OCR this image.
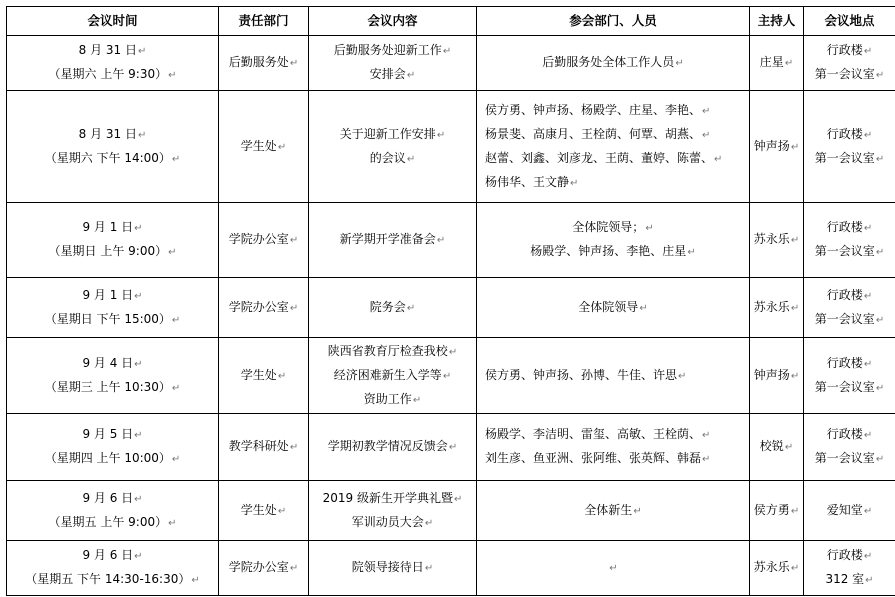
会议时间	责任部门	会议内容	参会部门、人员	主持人	会议地点

8 月 31 日↵
（星期六 上午 9:30）↵	后勤服务处↵	后勤服务处迎新工作↵
安排会↵	后勤服务处全体工作人员↵	庄星↵	行政楼↵
第一会议室↵

8 月 31 日↵
（星期六 下午 14:00）↵	学生处↵	关于迎新工作安排↵
的会议↵	侯方勇、钟声扬、杨殿学、庄星、李艳、↵
杨景斐、高康月、王栓荫、何覃、胡燕、↵
赵蕾、刘鑫、刘彦龙、王荫、董婷、陈蕾、↵
杨伟华、王文静↵	钟声扬↵	行政楼↵
第一会议室↵

9 月 1 日↵
（星期日 上午 9:00）↵	学院办公室↵	新学期开学准备会↵	全体院领导；↵
杨殿学、钟声扬、李艳、庄星↵	苏永乐↵	行政楼↵
第一会议室↵

9 月 1 日↵
（星期日 下午 15:00）↵	学院办公室↵	院务会↵	全体院领导↵	苏永乐↵	行政楼↵
第一会议室↵

9 月 4 日↵
（星期三 上午 10:30）↵	学生处↵	陕西省教育厅检查我校↵
经济困难新生入学等↵
资助工作↵	侯方勇、钟声扬、孙博、牛佳、许思↵	钟声扬↵	行政楼↵
第一会议室↵

9 月 5 日↵
（星期四 上午 10:00）↵	教学科研处↵	学期初教学情况反馈会↵	杨殿学、李洁明、雷玺、高敏、王栓荫、↵
刘生彦、鱼亚洲、张阿维、张英辉、韩磊↵	校锐↵	行政楼↵
第一会议室↵

9 月 6 日↵
（星期五 上午 9:00）↵	学生处↵	2019 级新生开学典礼暨↵
军训动员大会↵	全体新生↵	侯方勇↵	爱知堂↵

9 月 6 日↵
（星期五 下午 14:30-16:30）↵	学院办公室↵	院领导接待日↵	↵	苏永乐↵	行政楼↵
312 室↵
